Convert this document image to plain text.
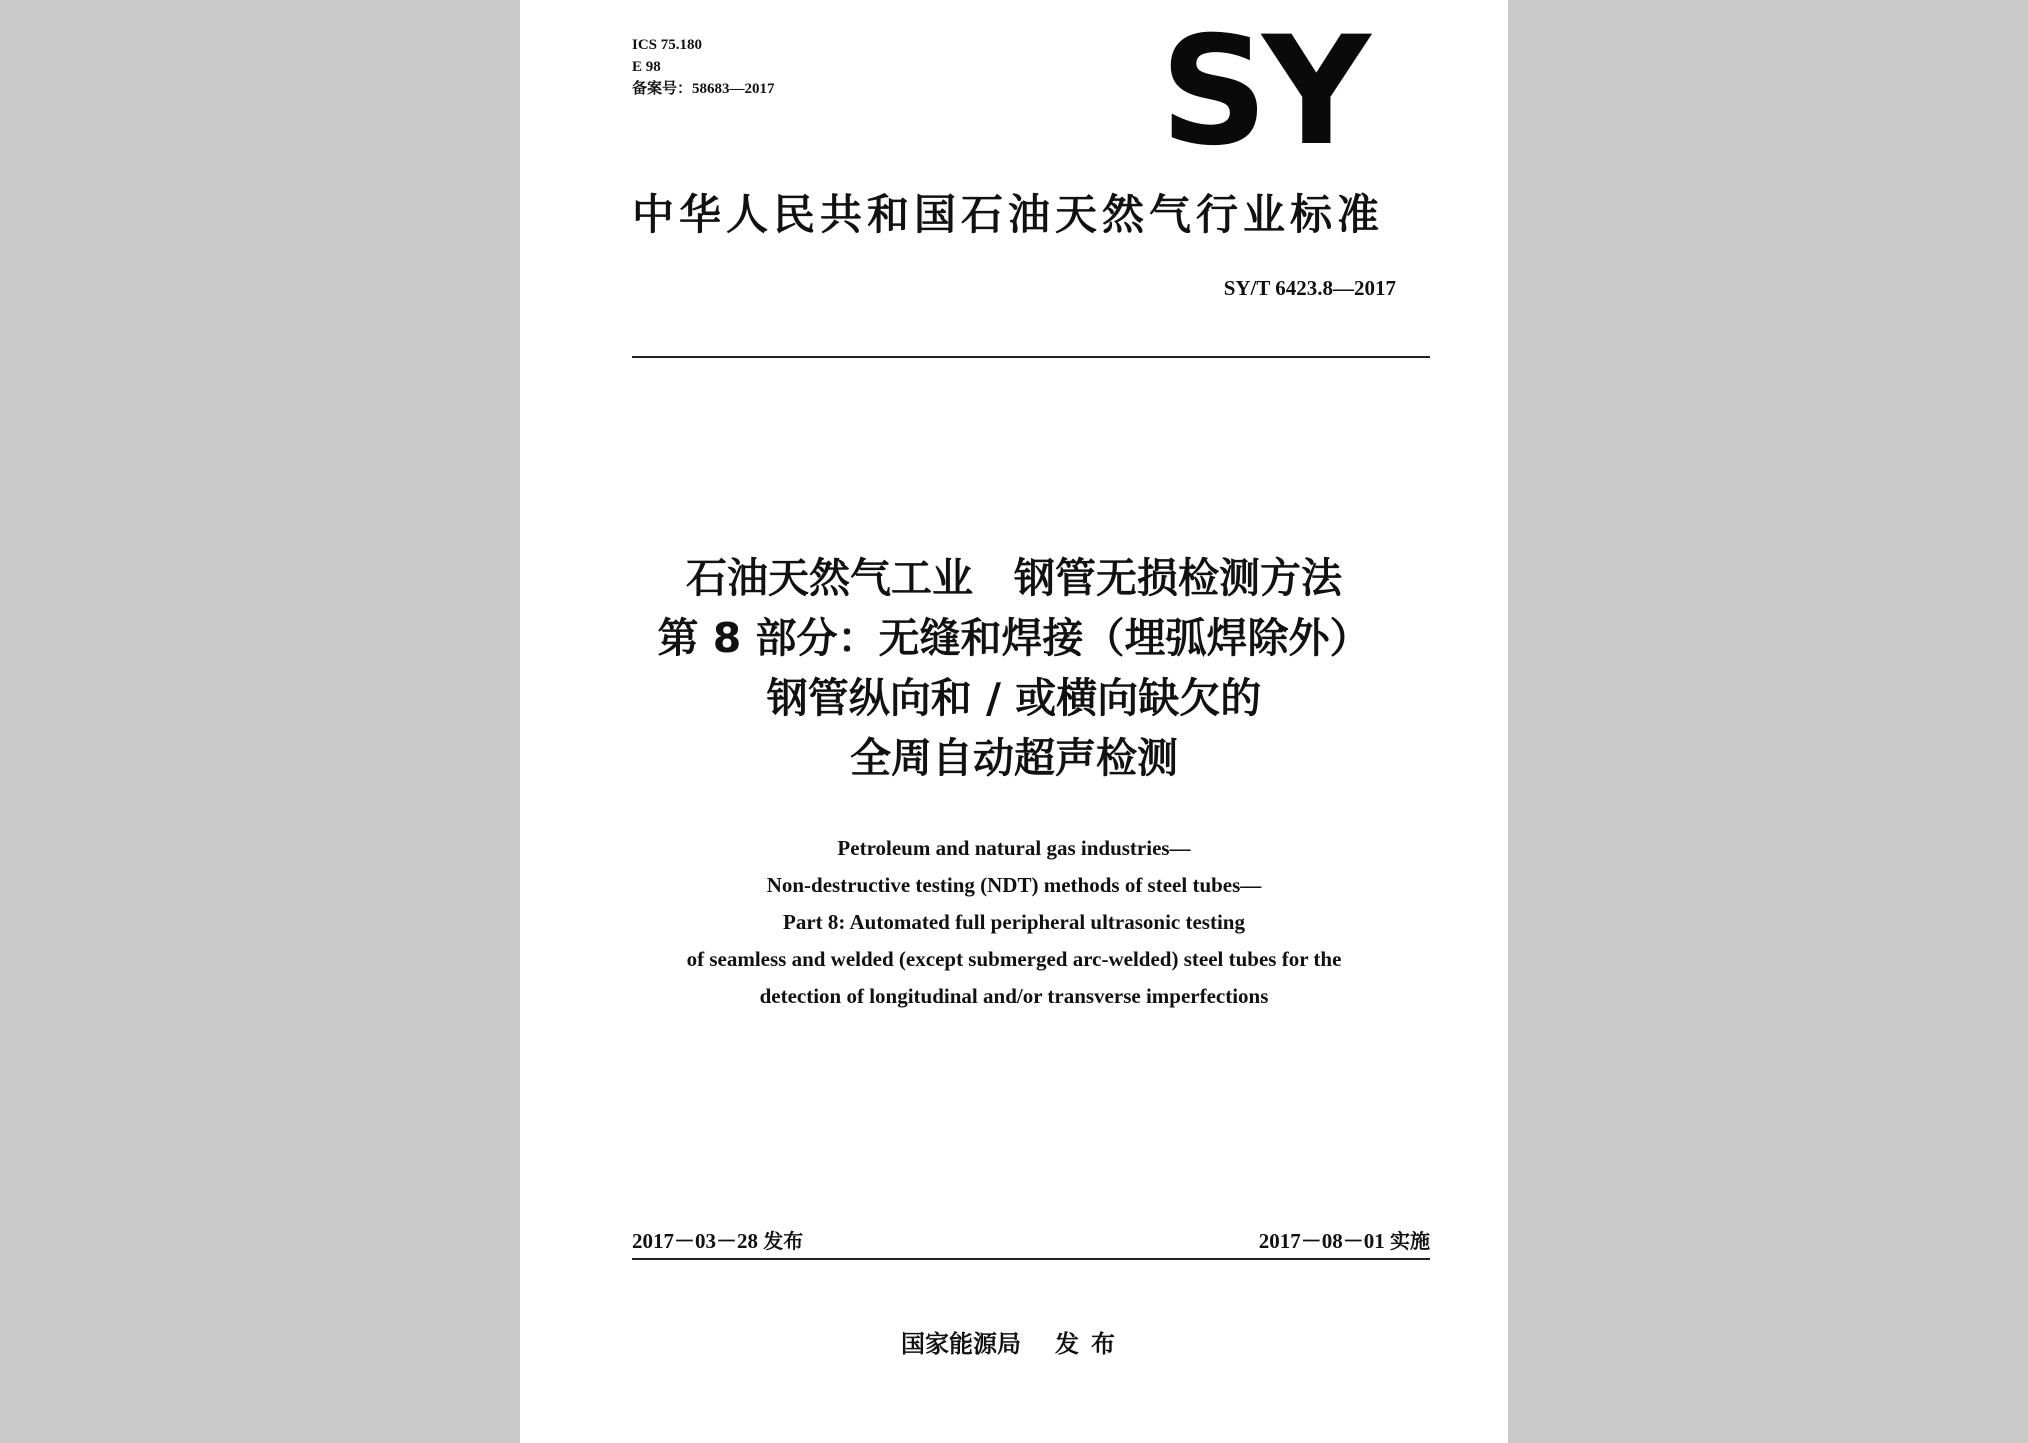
ICS 75.180
E 98
备案号：58683—2017	SY
中华人民共和国石油天然气行业标准
SY/T 6423.8—2017
石油天然气工业　钢管无损检测方法
第 8 部分：无缝和焊接（埋弧焊除外）
钢管纵向和 / 或横向缺欠的
全周自动超声检测
Petroleum and natural gas industries—
Non-destructive testing (NDT) methods of steel tubes—
Part 8: Automated full peripheral ultrasonic testing
of seamless and welded (except submerged arc-welded) steel tubes for the
detection of longitudinal and/or transverse imperfections
2017－03－28 发布	2017－08－01 实施
国家能源局 发布
